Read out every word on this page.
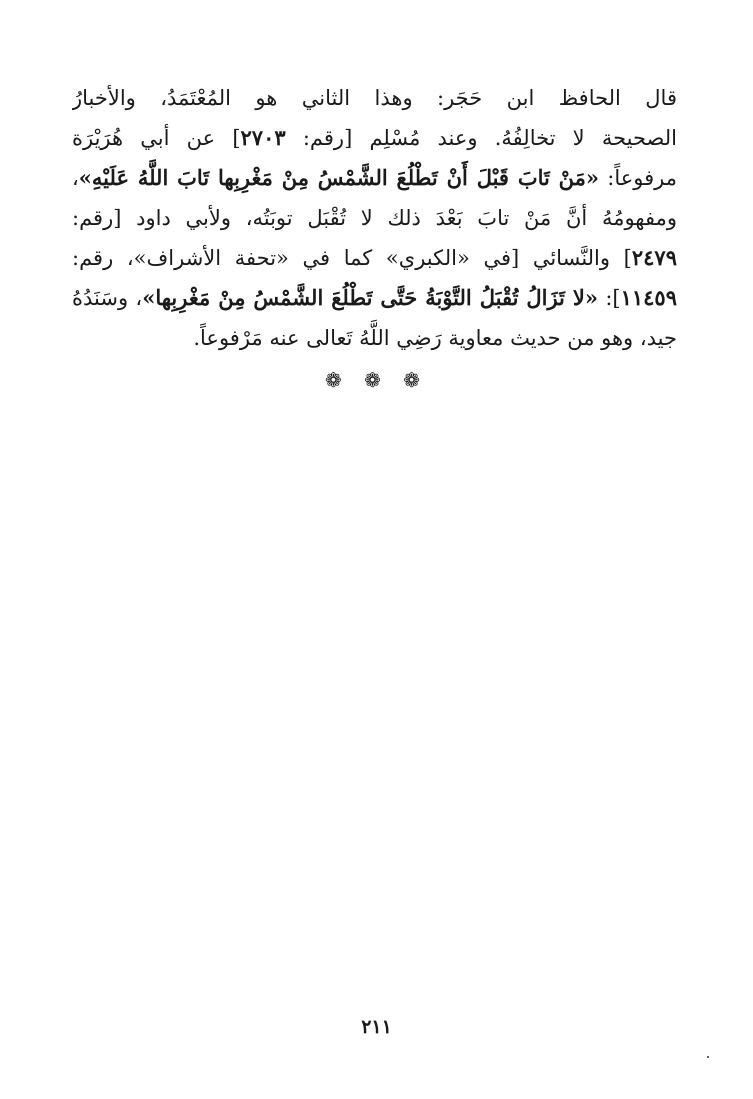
قال الحافظ ابن حَجَر: وهذا الثاني هو المُعْتَمَدُ، والأخبارُ
الصحيحة لا تخالِفُهُ. وعند مُسْلِم [رقم: ٢٧٠٣] عن أبي هُرَيْرَة
مرفوعاً: «مَنْ تَابَ قَبْلَ أَنْ تَطْلُعَ الشَّمْسُ مِنْ مَغْرِبِها تَابَ اللَّهُ عَلَيْهِ»،
ومفهومُهُ أنَّ مَنْ تابَ بَعْدَ ذلك لا تُقْبَل توبَتُه، ولأبي داود [رقم:
٢٤٧٩] والنَّسائي [في «الكبري» كما في «تحفة الأشراف»، رقم:
١١٤٥٩]: «لا تَزَالُ تُقْبَلُ التَّوْبَةُ حَتَّى تَطْلُعَ الشَّمْسُ مِنْ مَغْرِبِها»، وسَنَدُهُ
جيد، وهو من حديث معاوية رَضِي اللَّهُ تَعالى عنه مَرْفوعاً.
❁ ❁ ❁
٢١١
